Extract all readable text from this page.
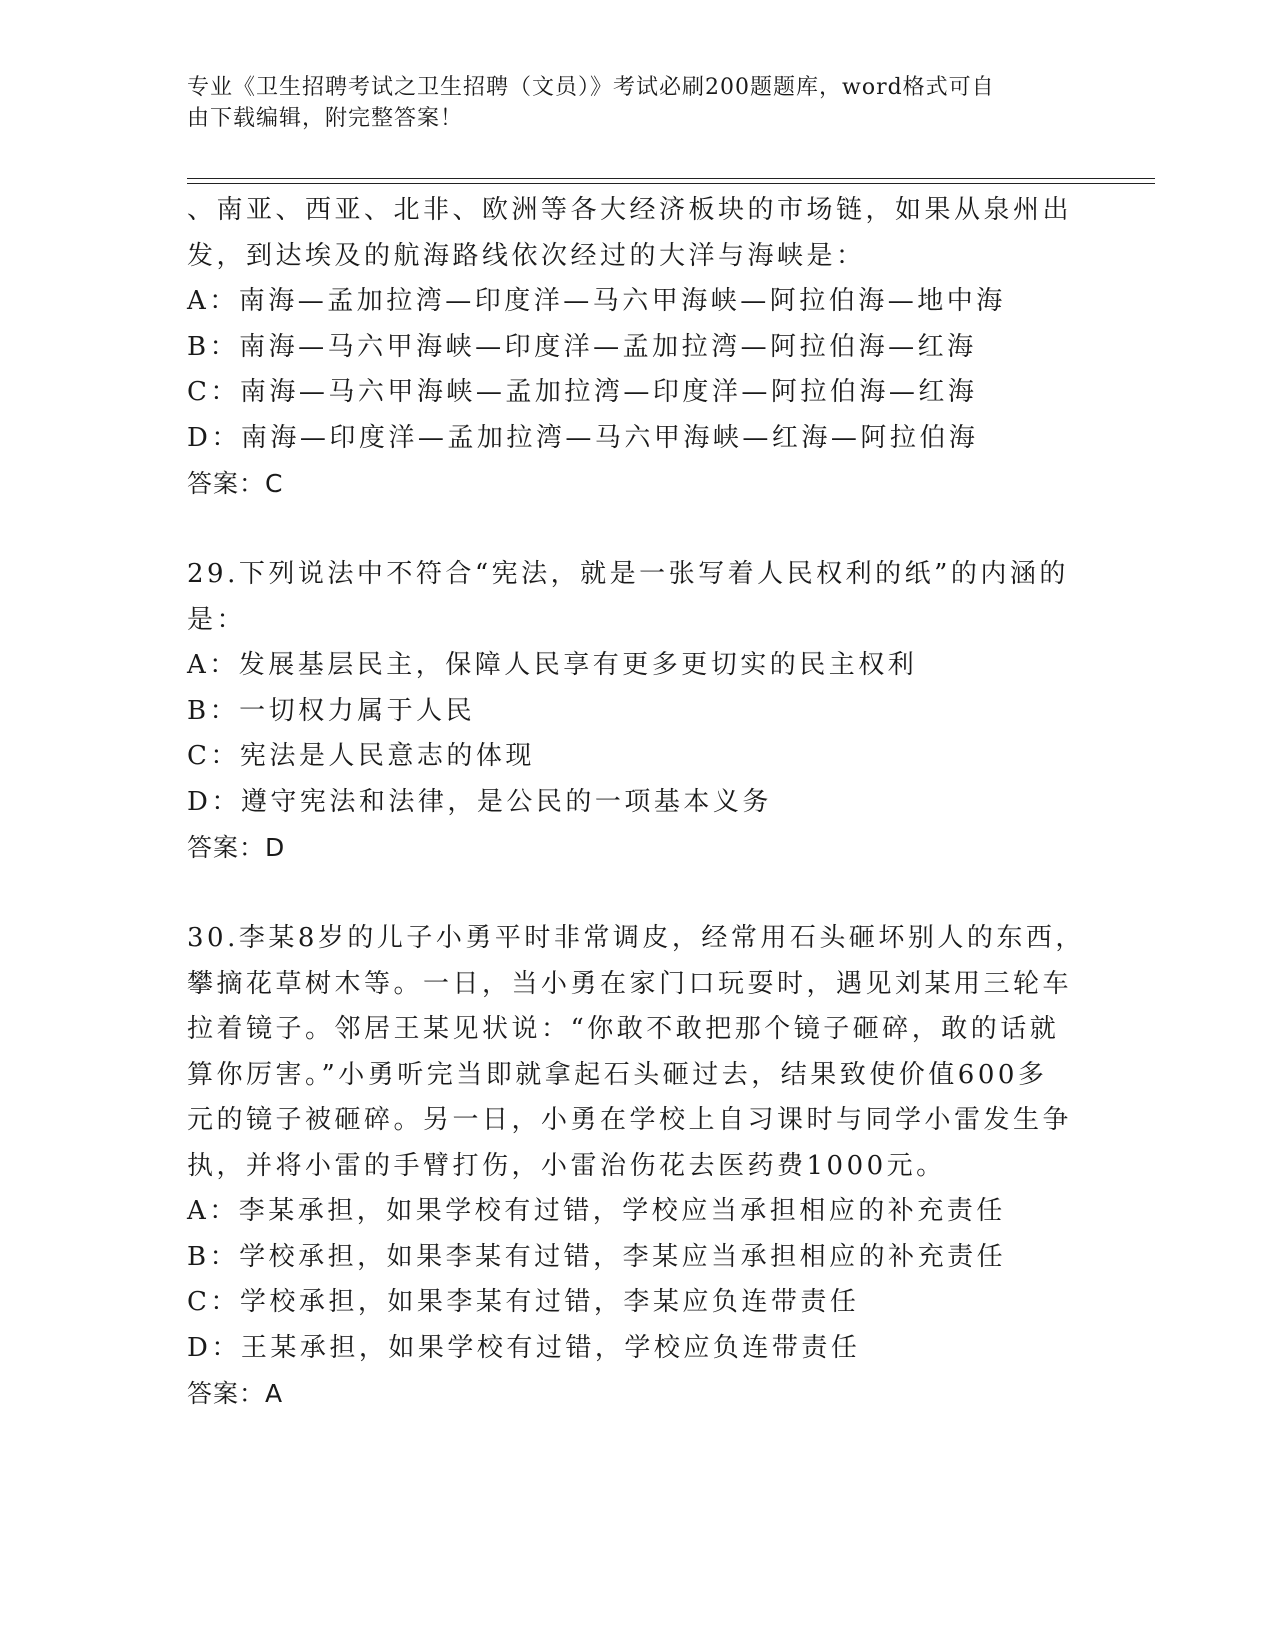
专业《卫生招聘考试之卫生招聘（文员）》考试必刷200题题库，word格式可自
由下载编辑，附完整答案！
、南亚、西亚、北非、欧洲等各大经济板块的市场链，如果从泉州出
发，到达埃及的航海路线依次经过的大洋与海峡是：
A：南海—孟加拉湾—印度洋—马六甲海峡—阿拉伯海—地中海
B：南海—马六甲海峡—印度洋—孟加拉湾—阿拉伯海—红海
C：南海—马六甲海峡—孟加拉湾—印度洋—阿拉伯海—红海
D：南海—印度洋—孟加拉湾—马六甲海峡—红海—阿拉伯海
答案：C
29.下列说法中不符合“宪法，就是一张写着人民权利的纸”的内涵的
是：
A：发展基层民主，保障人民享有更多更切实的民主权利
B：一切权力属于人民
C：宪法是人民意志的体现
D：遵守宪法和法律，是公民的一项基本义务
答案：D
30.李某8岁的儿子小勇平时非常调皮，经常用石头砸坏别人的东西，
攀摘花草树木等。一日，当小勇在家门口玩耍时，遇见刘某用三轮车
拉着镜子。邻居王某见状说：“你敢不敢把那个镜子砸碎，敢的话就
算你厉害。”小勇听完当即就拿起石头砸过去，结果致使价值600多
元的镜子被砸碎。另一日，小勇在学校上自习课时与同学小雷发生争
执，并将小雷的手臂打伤，小雷治伤花去医药费1000元。
A：李某承担，如果学校有过错，学校应当承担相应的补充责任
B：学校承担，如果李某有过错，李某应当承担相应的补充责任
C：学校承担，如果李某有过错，李某应负连带责任
D：王某承担，如果学校有过错，学校应负连带责任
答案：A
